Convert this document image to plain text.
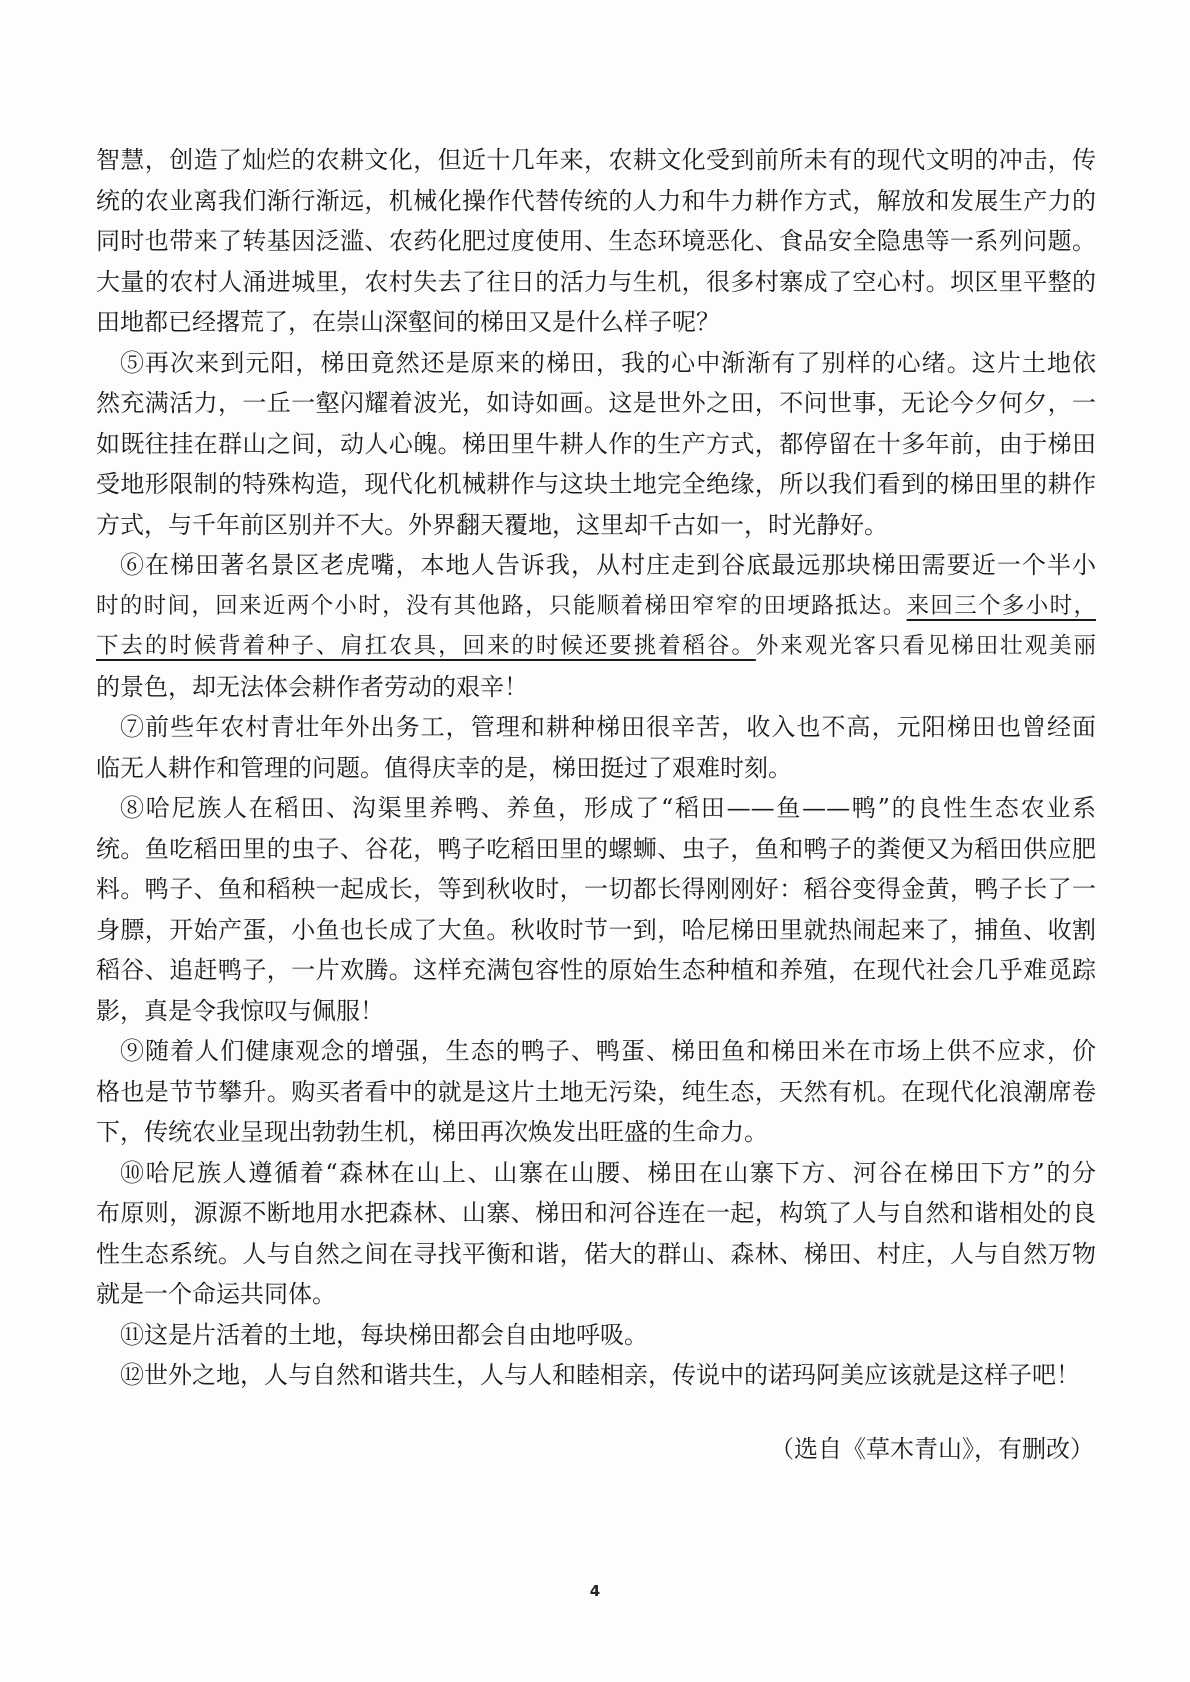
智慧，创造了灿烂的农耕文化，但近十几年来，农耕文化受到前所未有的现代文明的冲击，传
统的农业离我们渐行渐远，机械化操作代替传统的人力和牛力耕作方式，解放和发展生产力的
同时也带来了转基因泛滥、农药化肥过度使用、生态环境恶化、食品安全隐患等一系列问题。
大量的农村人涌进城里，农村失去了往日的活力与生机，很多村寨成了空心村。坝区里平整的
田地都已经撂荒了，在崇山深壑间的梯田又是什么样子呢？
⑤再次来到元阳，梯田竟然还是原来的梯田，我的心中渐渐有了别样的心绪。这片土地依
然充满活力，一丘一壑闪耀着波光，如诗如画。这是世外之田，不问世事，无论今夕何夕，一
如既往挂在群山之间，动人心魄。梯田里牛耕人作的生产方式，都停留在十多年前，由于梯田
受地形限制的特殊构造，现代化机械耕作与这块土地完全绝缘，所以我们看到的梯田里的耕作
方式，与千年前区别并不大。外界翻天覆地，这里却千古如一，时光静好。
⑥在梯田著名景区老虎嘴，本地人告诉我，从村庄走到谷底最远那块梯田需要近一个半小
时的时间，回来近两个小时，没有其他路，只能顺着梯田窄窄的田埂路抵达。来回三个多小时，
下去的时候背着种子、肩扛农具，回来的时候还要挑着稻谷。外来观光客只看见梯田壮观美丽
的景色，却无法体会耕作者劳动的艰辛！
⑦前些年农村青壮年外出务工，管理和耕种梯田很辛苦，收入也不高，元阳梯田也曾经面
临无人耕作和管理的问题。值得庆幸的是，梯田挺过了艰难时刻。
⑧哈尼族人在稻田、沟渠里养鸭、养鱼，形成了“稻田——鱼——鸭”的良性生态农业系
统。鱼吃稻田里的虫子、谷花，鸭子吃稻田里的螺蛳、虫子，鱼和鸭子的粪便又为稻田供应肥
料。鸭子、鱼和稻秧一起成长，等到秋收时，一切都长得刚刚好：稻谷变得金黄，鸭子长了一
身膘，开始产蛋，小鱼也长成了大鱼。秋收时节一到，哈尼梯田里就热闹起来了，捕鱼、收割
稻谷、追赶鸭子，一片欢腾。这样充满包容性的原始生态种植和养殖，在现代社会几乎难觅踪
影，真是令我惊叹与佩服！
⑨随着人们健康观念的增强，生态的鸭子、鸭蛋、梯田鱼和梯田米在市场上供不应求，价
格也是节节攀升。购买者看中的就是这片土地无污染，纯生态，天然有机。在现代化浪潮席卷
下，传统农业呈现出勃勃生机，梯田再次焕发出旺盛的生命力。
⑩哈尼族人遵循着“森林在山上、山寨在山腰、梯田在山寨下方、河谷在梯田下方”的分
布原则，源源不断地用水把森林、山寨、梯田和河谷连在一起，构筑了人与自然和谐相处的良
性生态系统。人与自然之间在寻找平衡和谐，偌大的群山、森林、梯田、村庄，人与自然万物
就是一个命运共同体。
⑪这是片活着的土地，每块梯田都会自由地呼吸。
⑫世外之地，人与自然和谐共生，人与人和睦相亲，传说中的诺玛阿美应该就是这样子吧！
（选自《草木青山》，有删改）
4
